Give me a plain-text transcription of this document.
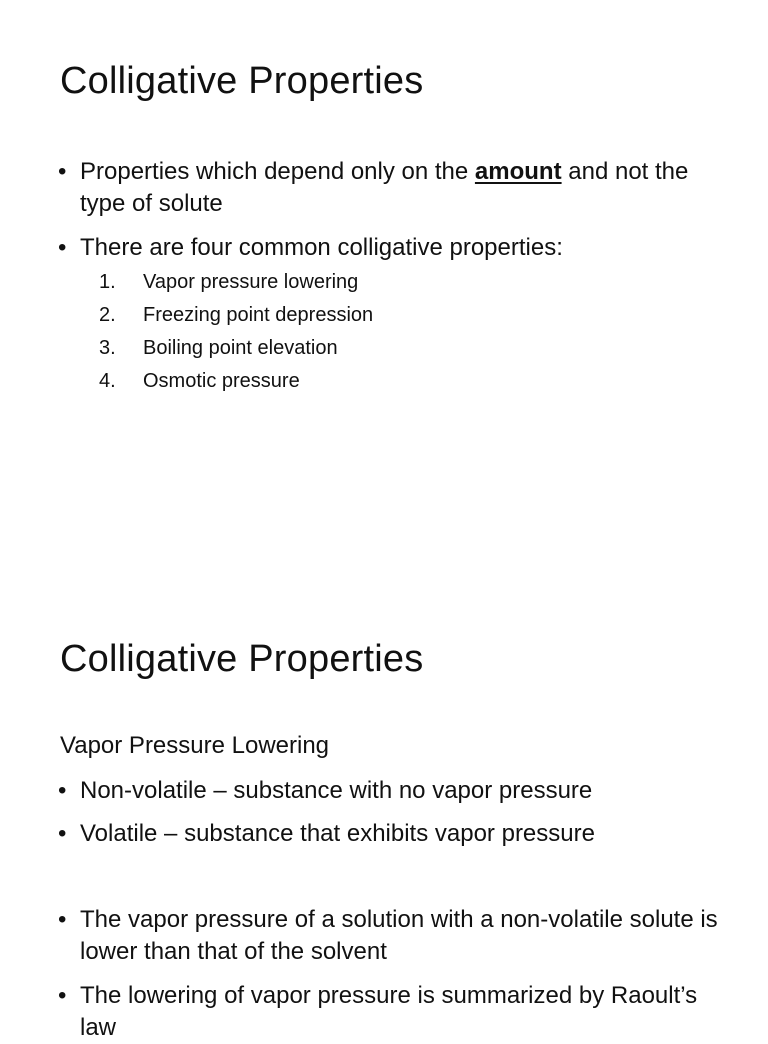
Colligative Properties
• Properties which depend only on the amount and not the type of solute
• There are four common colligative properties:
1.	Vapor pressure lowering
2.	Freezing point depression
3.	Boiling point elevation
4.	Osmotic pressure
Colligative Properties
Vapor Pressure Lowering
• Non-volatile – substance with no vapor pressure
• Volatile – substance that exhibits vapor pressure
• The vapor pressure of a solution with a non-volatile solute is lower than that of the solvent
• The lowering of vapor pressure is summarized by Raoult’s law
